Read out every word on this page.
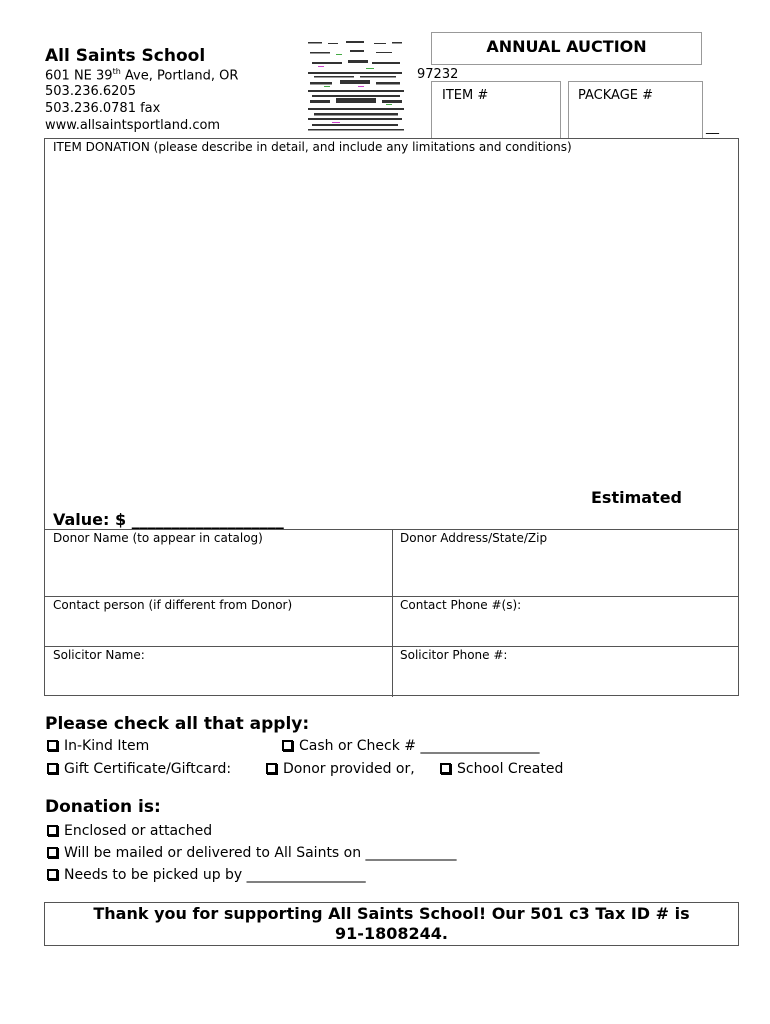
All Saints School
601 NE 39th Ave, Portland, OR	97232
503.236.6205
503.236.0781 fax
www.allsaintsportland.com
ANNUAL AUCTION
ITEM #	PACKAGE #
__
ITEM DONATION (please describe in detail, and include any limitations and conditions)
Estimated
Value: $ ___________________
Donor Name (to appear in catalog)	Donor Address/State/Zip
Contact person (if different from Donor)	Contact Phone #(s):
Solicitor Name:	Solicitor Phone #:
Please check all that apply:
In-Kind Item	Cash or Check # _________________
Gift Certificate/Giftcard:	Donor provided or,	School Created
Donation is:
Enclosed or attached
Will be mailed or delivered to All Saints on _____________
Needs to be picked up by _________________
Thank you for supporting All Saints School! Our 501 c3 Tax ID # is
91-1808244.
